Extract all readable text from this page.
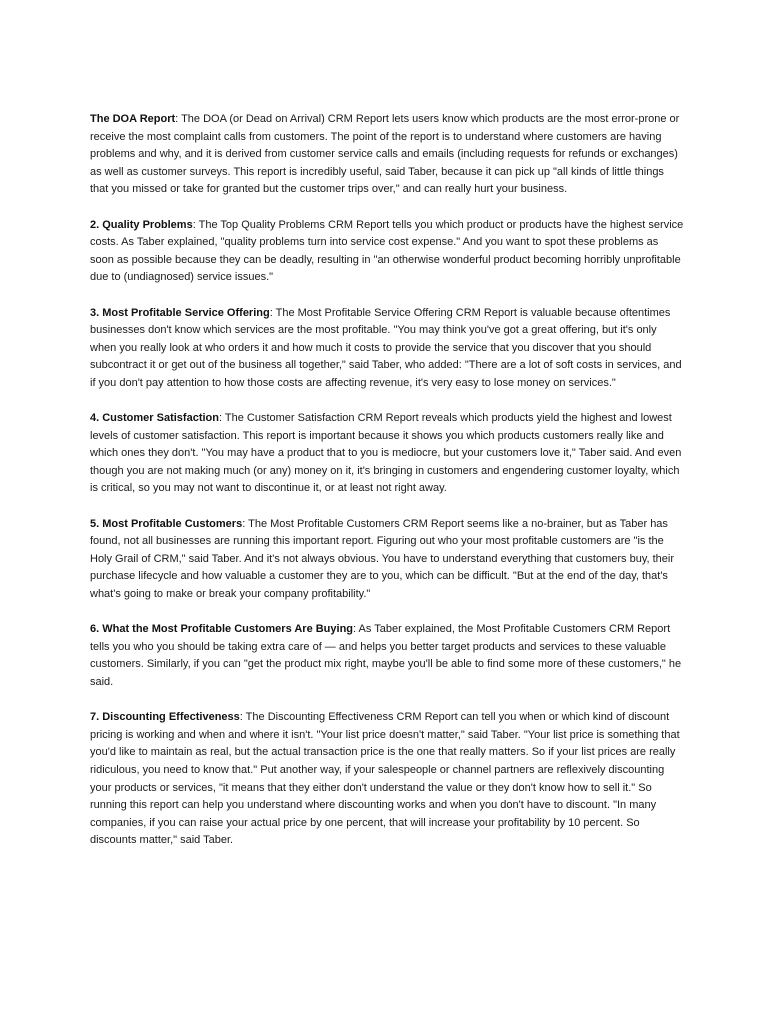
The DOA Report: The DOA (or Dead on Arrival) CRM Report lets users know which products are the most error-prone or receive the most complaint calls from customers. The point of the report is to understand where customers are having problems and why, and it is derived from customer service calls and emails (including requests for refunds or exchanges) as well as customer surveys. This report is incredibly useful, said Taber, because it can pick up "all kinds of little things that you missed or take for granted but the customer trips over," and can really hurt your business.

2. Quality Problems: The Top Quality Problems CRM Report tells you which product or products have the highest service costs. As Taber explained, "quality problems turn into service cost expense." And you want to spot these problems as soon as possible because they can be deadly, resulting in "an otherwise wonderful product becoming horribly unprofitable due to (undiagnosed) service issues."

3. Most Profitable Service Offering: The Most Profitable Service Offering CRM Report is valuable because oftentimes businesses don't know which services are the most profitable. "You may think you've got a great offering, but it's only when you really look at who orders it and how much it costs to provide the service that you discover that you should subcontract it or get out of the business all together," said Taber, who added: "There are a lot of soft costs in services, and if you don't pay attention to how those costs are affecting revenue, it's very easy to lose money on services."

4. Customer Satisfaction: The Customer Satisfaction CRM Report reveals which products yield the highest and lowest levels of customer satisfaction. This report is important because it shows you which products customers really like and which ones they don't. "You may have a product that to you is mediocre, but your customers love it," Taber said. And even though you are not making much (or any) money on it, it's bringing in customers and engendering customer loyalty, which is critical, so you may not want to discontinue it, or at least not right away.

5. Most Profitable Customers: The Most Profitable Customers CRM Report seems like a no-brainer, but as Taber has found, not all businesses are running this important report. Figuring out who your most profitable customers are "is the Holy Grail of CRM," said Taber. And it's not always obvious. You have to understand everything that customers buy, their purchase lifecycle and how valuable a customer they are to you, which can be difficult. "But at the end of the day, that's what's going to make or break your company profitability."

6. What the Most Profitable Customers Are Buying: As Taber explained, the Most Profitable Customers CRM Report tells you who you should be taking extra care of — and helps you better target products and services to these valuable customers. Similarly, if you can "get the product mix right, maybe you'll be able to find some more of these customers," he said.

7. Discounting Effectiveness: The Discounting Effectiveness CRM Report can tell you when or which kind of discount pricing is working and when and where it isn't. "Your list price doesn't matter," said Taber. "Your list price is something that you'd like to maintain as real, but the actual transaction price is the one that really matters. So if your list prices are really ridiculous, you need to know that." Put another way, if your salespeople or channel partners are reflexively discounting your products or services, "it means that they either don't understand the value or they don't know how to sell it." So running this report can help you understand where discounting works and when you don't have to discount. "In many companies, if you can raise your actual price by one percent, that will increase your profitability by 10 percent. So discounts matter," said Taber.
